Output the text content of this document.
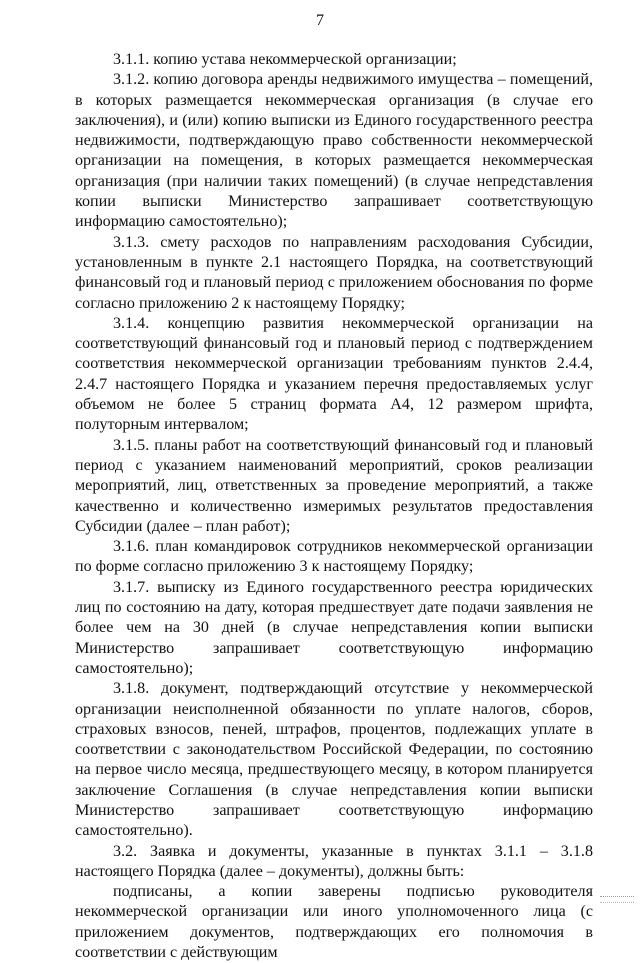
7

3.1.1. копию устава некоммерческой организации;

3.1.2. копию договора аренды недвижимого имущества – помещений, в которых размещается некоммерческая организация (в случае его заключения), и (или) копию выписки из Единого государственного реестра недвижимости, подтверждающую право собственности некоммерческой организации на помещения, в которых размещается некоммерческая организация (при наличии таких помещений) (в случае непредставления копии выписки Министерство запрашивает соответствующую информацию самостоятельно);

3.1.3. смету расходов по направлениям расходования Субсидии, установленным в пункте 2.1 настоящего Порядка, на соответствующий финансовый год и плановый период с приложением обоснования по форме согласно приложению 2 к настоящему Порядку;

3.1.4. концепцию развития некоммерческой организации на соответствующий финансовый год и плановый период с подтверждением соответствия некоммерческой организации требованиям пунктов 2.4.4, 2.4.7 настоящего Порядка и указанием перечня предоставляемых услуг объемом не более 5 страниц формата А4, 12 размером шрифта, полуторным интервалом;

3.1.5. планы работ на соответствующий финансовый год и плановый период с указанием наименований мероприятий, сроков реализации мероприятий, лиц, ответственных за проведение мероприятий, а также качественно и количественно измеримых результатов предоставления Субсидии (далее – план работ);

3.1.6. план командировок сотрудников некоммерческой организации по форме согласно приложению 3 к настоящему Порядку;

3.1.7. выписку из Единого государственного реестра юридических лиц по состоянию на дату, которая предшествует дате подачи заявления не более чем на 30 дней (в случае непредставления копии выписки Министерство запрашивает соответствующую информацию самостоятельно);

3.1.8. документ, подтверждающий отсутствие у некоммерческой организации неисполненной обязанности по уплате налогов, сборов, страховых взносов, пеней, штрафов, процентов, подлежащих уплате в соответствии с законодательством Российской Федерации, по состоянию на первое число месяца, предшествующего месяцу, в котором планируется заключение Соглашения (в случае непредставления копии выписки Министерство запрашивает соответствующую информацию самостоятельно).

3.2. Заявка и документы, указанные в пунктах 3.1.1 – 3.1.8 настоящего Порядка (далее – документы), должны быть:

подписаны, а копии заверены подписью руководителя некоммерческой организации или иного уполномоченного лица (с приложением документов, подтверждающих его полномочия в соответствии с действующим
